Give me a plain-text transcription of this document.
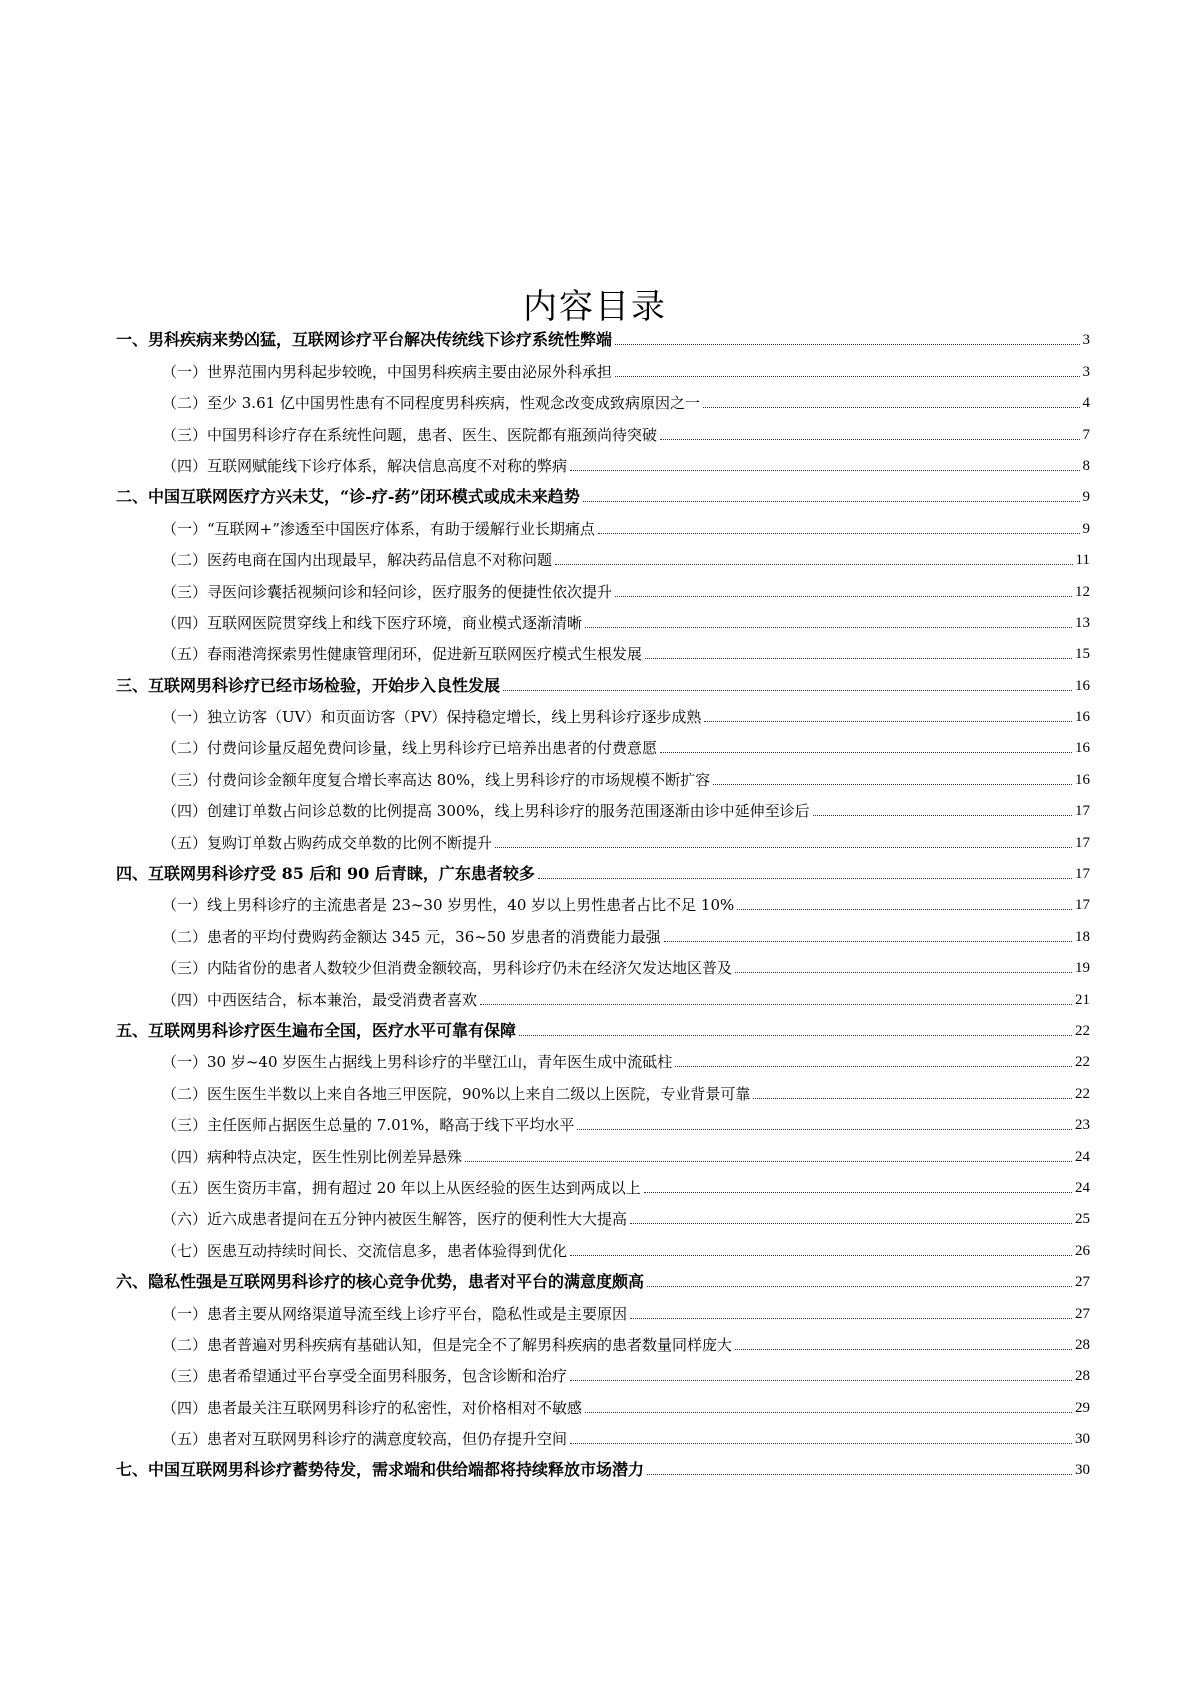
内容目录
一、男科疾病来势凶猛，互联网诊疗平台解决传统线下诊疗系统性弊端	3
（一）世界范围内男科起步较晚，中国男科疾病主要由泌尿外科承担	3
（二）至少 3.61 亿中国男性患有不同程度男科疾病，性观念改变成致病原因之一	4
（三）中国男科诊疗存在系统性问题，患者、医生、医院都有瓶颈尚待突破	7
（四）互联网赋能线下诊疗体系，解决信息高度不对称的弊病	8
二、中国互联网医疗方兴未艾，“诊-疗-药”闭环模式或成未来趋势	9
（一）“互联网+”渗透至中国医疗体系，有助于缓解行业长期痛点	9
（二）医药电商在国内出现最早，解决药品信息不对称问题	11
（三）寻医问诊囊括视频问诊和轻问诊，医疗服务的便捷性依次提升	12
（四）互联网医院贯穿线上和线下医疗环境，商业模式逐渐清晰	13
（五）春雨港湾探索男性健康管理闭环，促进新互联网医疗模式生根发展	15
三、互联网男科诊疗已经市场检验，开始步入良性发展	16
（一）独立访客（UV）和页面访客（PV）保持稳定增长，线上男科诊疗逐步成熟	16
（二）付费问诊量反超免费问诊量，线上男科诊疗已培养出患者的付费意愿	16
（三）付费问诊金额年度复合增长率高达 80%，线上男科诊疗的市场规模不断扩容	16
（四）创建订单数占问诊总数的比例提高 300%，线上男科诊疗的服务范围逐渐由诊中延伸至诊后	17
（五）复购订单数占购药成交单数的比例不断提升	17
四、互联网男科诊疗受 85 后和 90 后青睐，广东患者较多	17
（一）线上男科诊疗的主流患者是 23~30 岁男性，40 岁以上男性患者占比不足 10%	17
（二）患者的平均付费购药金额达 345 元，36~50 岁患者的消费能力最强	18
（三）内陆省份的患者人数较少但消费金额较高，男科诊疗仍未在经济欠发达地区普及	19
（四）中西医结合，标本兼治，最受消费者喜欢	21
五、互联网男科诊疗医生遍布全国，医疗水平可靠有保障	22
（一）30 岁~40 岁医生占据线上男科诊疗的半壁江山，青年医生成中流砥柱	22
（二）医生医生半数以上来自各地三甲医院，90%以上来自二级以上医院，专业背景可靠	22
（三）主任医师占据医生总量的 7.01%，略高于线下平均水平	23
（四）病种特点决定，医生性别比例差异悬殊	24
（五）医生资历丰富，拥有超过 20 年以上从医经验的医生达到两成以上	24
（六）近六成患者提问在五分钟内被医生解答，医疗的便利性大大提高	25
（七）医患互动持续时间长、交流信息多，患者体验得到优化	26
六、隐私性强是互联网男科诊疗的核心竞争优势，患者对平台的满意度颇高	27
（一）患者主要从网络渠道导流至线上诊疗平台，隐私性或是主要原因	27
（二）患者普遍对男科疾病有基础认知，但是完全不了解男科疾病的患者数量同样庞大	28
（三）患者希望通过平台享受全面男科服务，包含诊断和治疗	28
（四）患者最关注互联网男科诊疗的私密性，对价格相对不敏感	29
（五）患者对互联网男科诊疗的满意度较高，但仍存提升空间	30
七、中国互联网男科诊疗蓄势待发，需求端和供给端都将持续释放市场潜力	30
